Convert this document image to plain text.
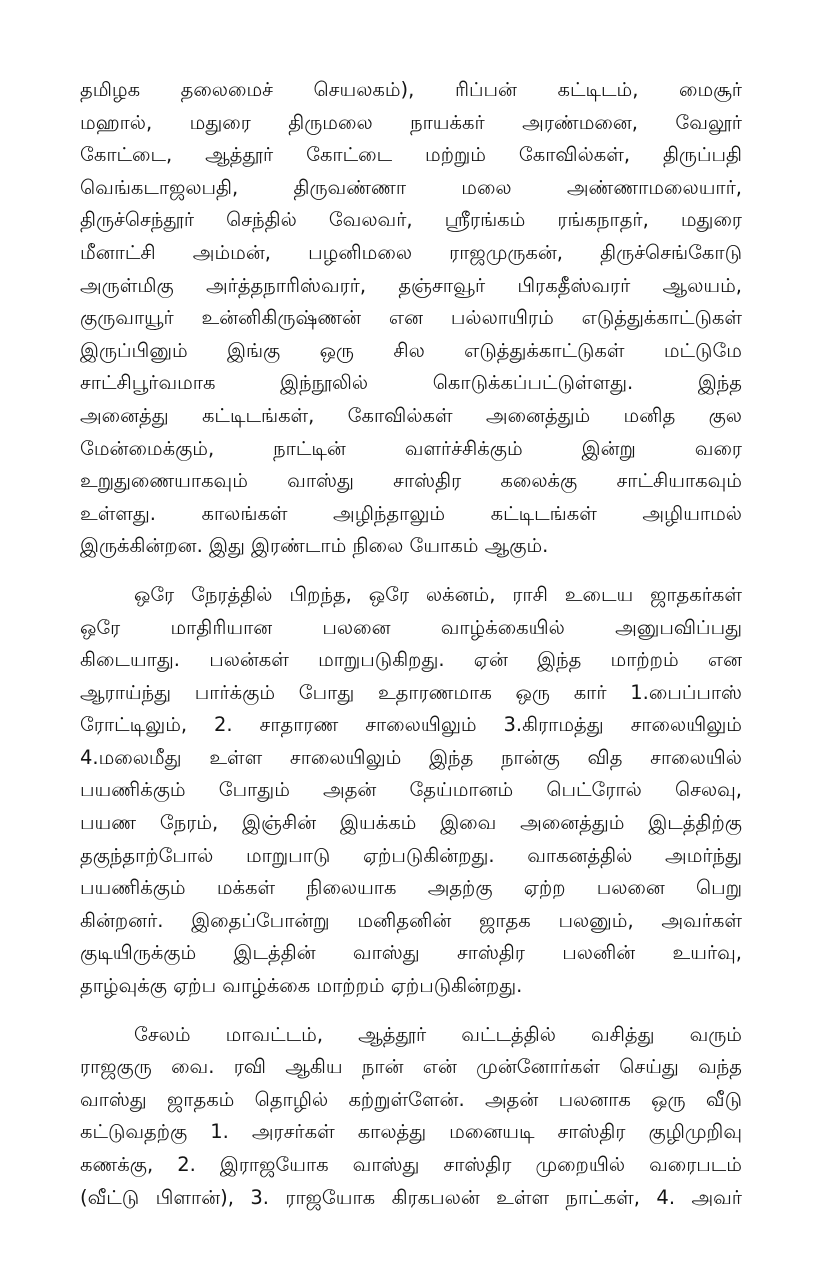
தமிழக தலைமைச் செயலகம்), ரிப்பன் கட்டிடம், மைசூர்
மஹால், மதுரை திருமலை நாயக்கர் அரண்மனை, வேலூர்
கோட்டை, ஆத்தூர் கோட்டை மற்றும் கோவில்கள், திருப்பதி
வெங்கடாஜலபதி, திருவண்ணா மலை அண்ணாமலையார்,
திருச்செந்தூர் செந்தில் வேலவர், ஸ்ரீரங்கம் ரங்கநாதர், மதுரை
மீனாட்சி அம்மன், பழனிமலை ராஜமுருகன், திருச்செங்கோடு
அருள்மிகு அர்த்தநாரிஸ்வரர், தஞ்சாவூர் பிரகதீஸ்வரர் ஆலயம்,
குருவாயூர் உன்னிகிருஷ்ணன் என பல்லாயிரம் எடுத்துக்காட்டுகள்
இருப்பினும் இங்கு ஒரு சில எடுத்துக்காட்டுகள் மட்டுமே
சாட்சிபூர்வமாக இந்நூலில் கொடுக்கப்பட்டுள்ளது. இந்த
அனைத்து கட்டிடங்கள், கோவில்கள் அனைத்தும் மனித குல
மேன்மைக்கும், நாட்டின் வளர்ச்சிக்கும் இன்று வரை
உறுதுணையாகவும் வாஸ்து சாஸ்திர கலைக்கு சாட்சியாகவும்
உள்ளது. காலங்கள் அழிந்தாலும் கட்டிடங்கள் அழியாமல்
இருக்கின்றன. இது இரண்டாம் நிலை யோகம் ஆகும்.
ஒரே நேரத்தில் பிறந்த, ஒரே லக்னம், ராசி உடைய ஜாதகர்கள்
ஒரே மாதிரியான பலனை வாழ்க்கையில் அனுபவிப்பது
கிடையாது. பலன்கள் மாறுபடுகிறது. ஏன் இந்த மாற்றம் என
ஆராய்ந்து பார்க்கும் போது உதாரணமாக ஒரு கார் 1.பைப்பாஸ்
ரோட்டிலும், 2. சாதாரண சாலையிலும் 3.கிராமத்து சாலையிலும்
4.மலைமீது உள்ள சாலையிலும் இந்த நான்கு வித சாலையில்
பயணிக்கும் போதும் அதன் தேய்மானம் பெட்ரோல் செலவு,
பயண நேரம், இஞ்சின் இயக்கம் இவை அனைத்தும் இடத்திற்கு
தகுந்தாற்போல் மாறுபாடு ஏற்படுகின்றது. வாகனத்தில் அமர்ந்து
பயணிக்கும் மக்கள் நிலையாக அதற்கு ஏற்ற பலனை பெறு
கின்றனர். இதைப்போன்று மனிதனின் ஜாதக பலனும், அவர்கள்
குடியிருக்கும் இடத்தின் வாஸ்து சாஸ்திர பலனின் உயர்வு,
தாழ்வுக்கு ஏற்ப வாழ்க்கை மாற்றம் ஏற்படுகின்றது.
சேலம் மாவட்டம், ஆத்தூர் வட்டத்தில் வசித்து வரும்
ராஜகுரு வை. ரவி ஆகிய நான் என் முன்னோர்கள் செய்து வந்த
வாஸ்து ஜாதகம் தொழில் கற்றுள்ளேன். அதன் பலனாக ஒரு வீடு
கட்டுவதற்கு 1. அரசர்கள் காலத்து மனையடி சாஸ்திர குழிமுறிவு
கணக்கு, 2. இராஜயோக வாஸ்து சாஸ்திர முறையில் வரைபடம்
(வீட்டு பிளான்), 3. ராஜயோக கிரகபலன் உள்ள நாட்கள், 4. அவர்
